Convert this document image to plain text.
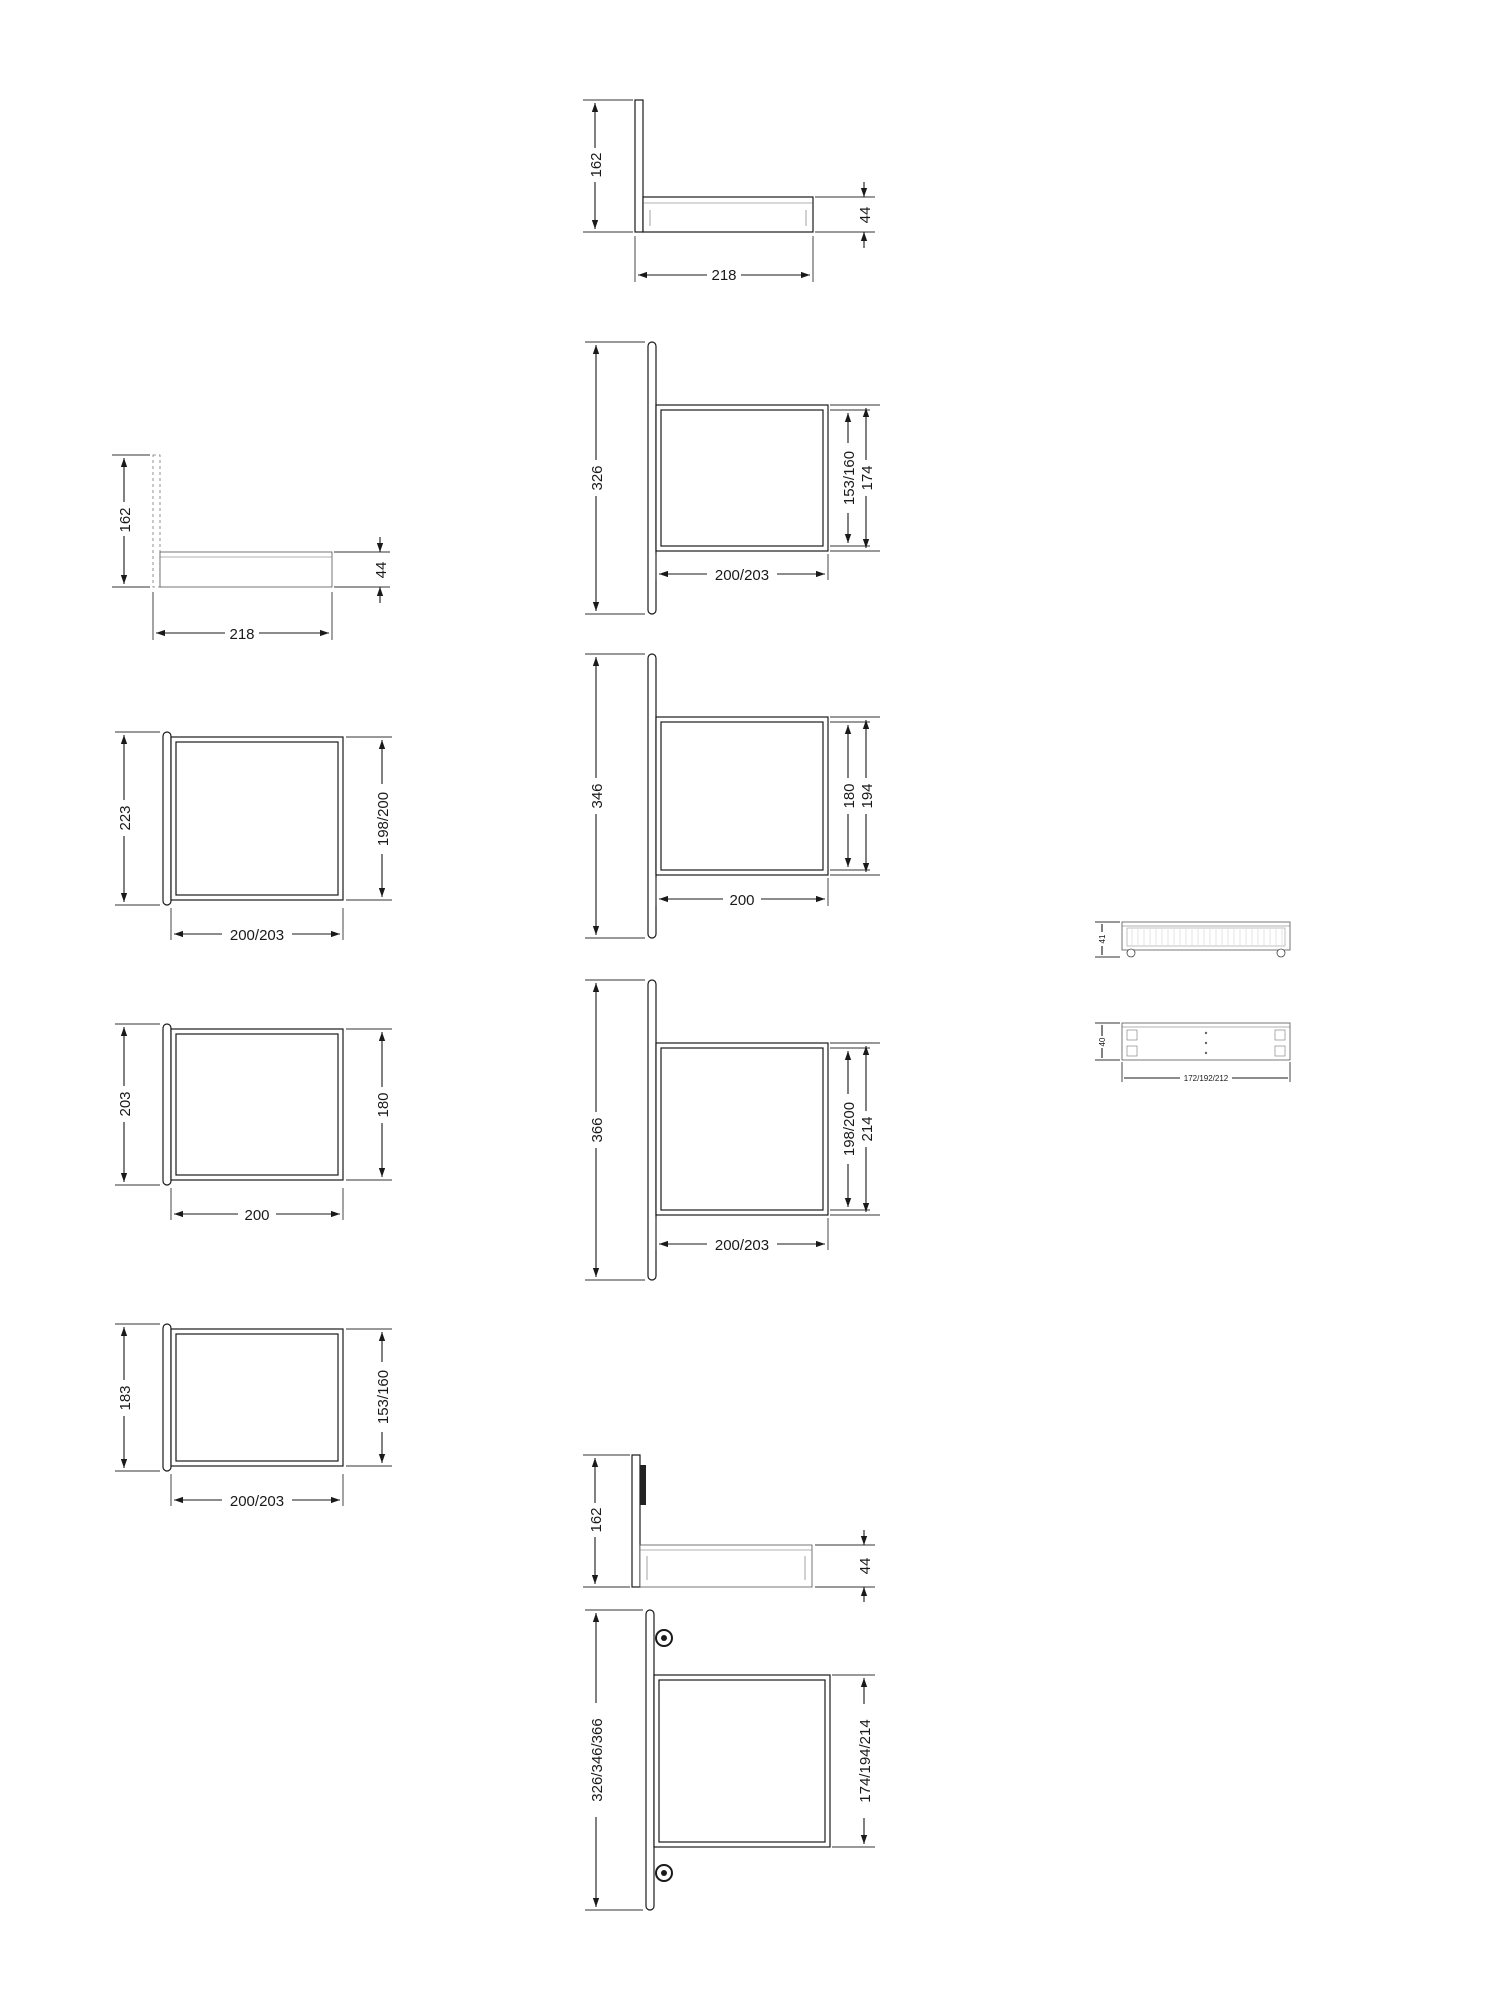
162
44
218
162
44
218
223	198/200
200/203
203	180
200
183	153/160
200/203
326	153/160 174
200/203
346	180 194
200
366	198/200 214
200/203
162
44
326/346/366	174/194/214
41
40
172/192/212
